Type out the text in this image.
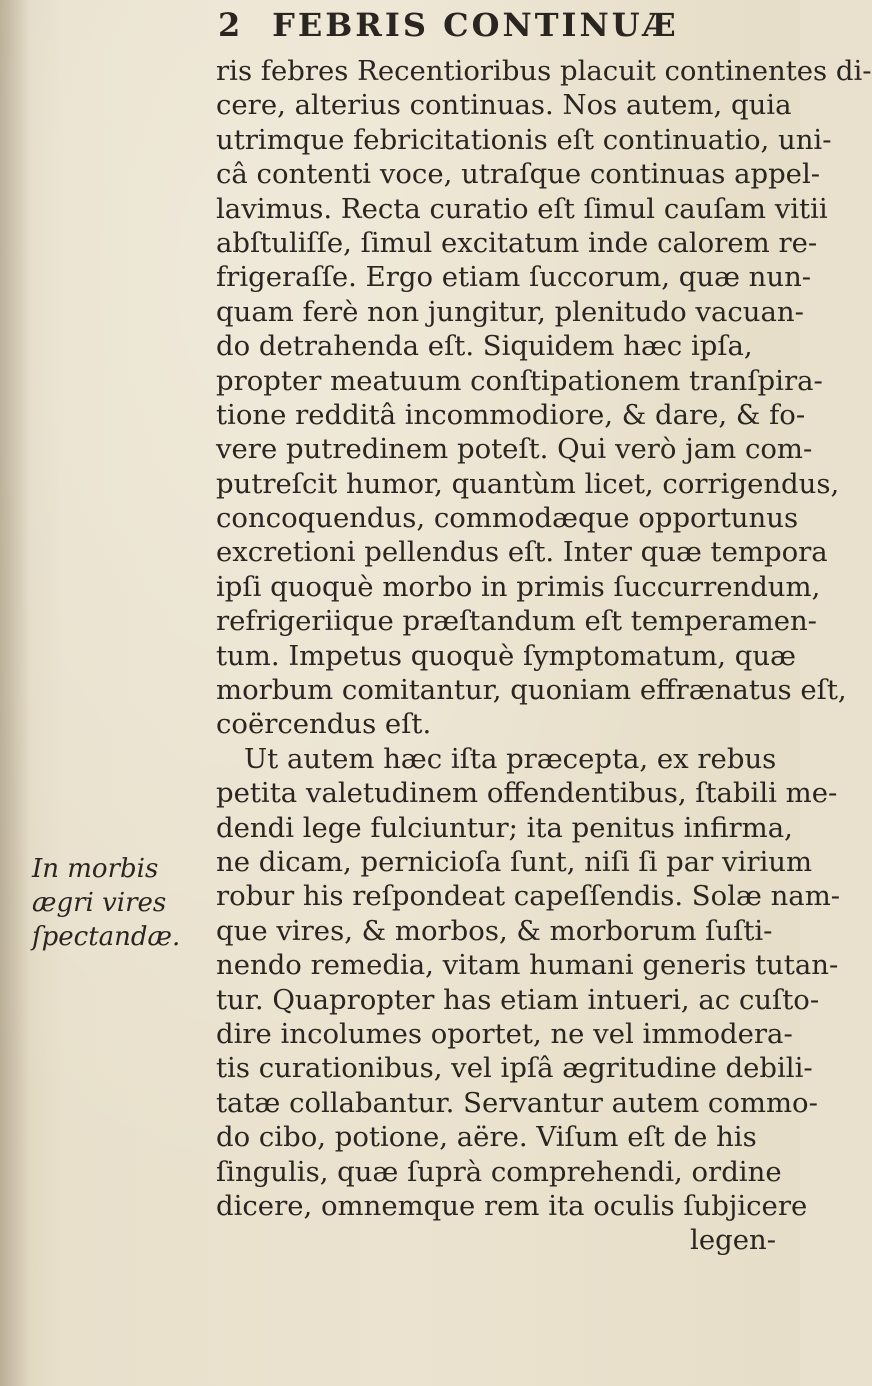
2 FEBRIS CONTINUÆ
In morbis
ægri vires
ſpectandæ.
ris febres Recentioribus placuit continentes di-
cere, alterius continuas. Nos autem, quia
utrimque febricitationis eſt continuatio, uni-
câ contenti voce, utraſque continuas appel-
lavimus. Recta curatio eſt ſimul cauſam vitii
abſtuliſſe, ſimul excitatum inde calorem re-
frigeraſſe. Ergo etiam ſuccorum, quæ nun-
quam ferè non jungitur, plenitudo vacuan-
do detrahenda eſt. Siquidem hæc ipſa,
propter meatuum conſtipationem tranſpira-
tione redditâ incommodiore, & dare, & fo-
vere putredinem poteſt. Qui verò jam com-
putreſcit humor, quantùm licet, corrigendus,
concoquendus, commodæque opportunus
excretioni pellendus eſt. Inter quæ tempora
ipſi quoquè morbo in primis ſuccurrendum,
refrigeriique præſtandum eſt temperamen-
tum. Impetus quoquè ſymptomatum, quæ
morbum comitantur, quoniam effrænatus eſt,
coërcendus eſt.
Ut autem hæc iſta præcepta, ex rebus
petita valetudinem offendentibus, ſtabili me-
dendi lege fulciuntur; ita penitus infirma,
ne dicam, pernicioſa ſunt, niſi ſi par virium
robur his reſpondeat capeſſendis. Solæ nam-
que vires, & morbos, & morborum ſuſti-
nendo remedia, vitam humani generis tutan-
tur. Quapropter has etiam intueri, ac cuſto-
dire incolumes oportet, ne vel immodera-
tis curationibus, vel ipſâ ægritudine debili-
tatæ collabantur. Servantur autem commo-
do cibo, potione, aëre. Viſum eſt de his
ſingulis, quæ ſuprà comprehendi, ordine
dicere, omnemque rem ita oculis ſubjicere
legen-
